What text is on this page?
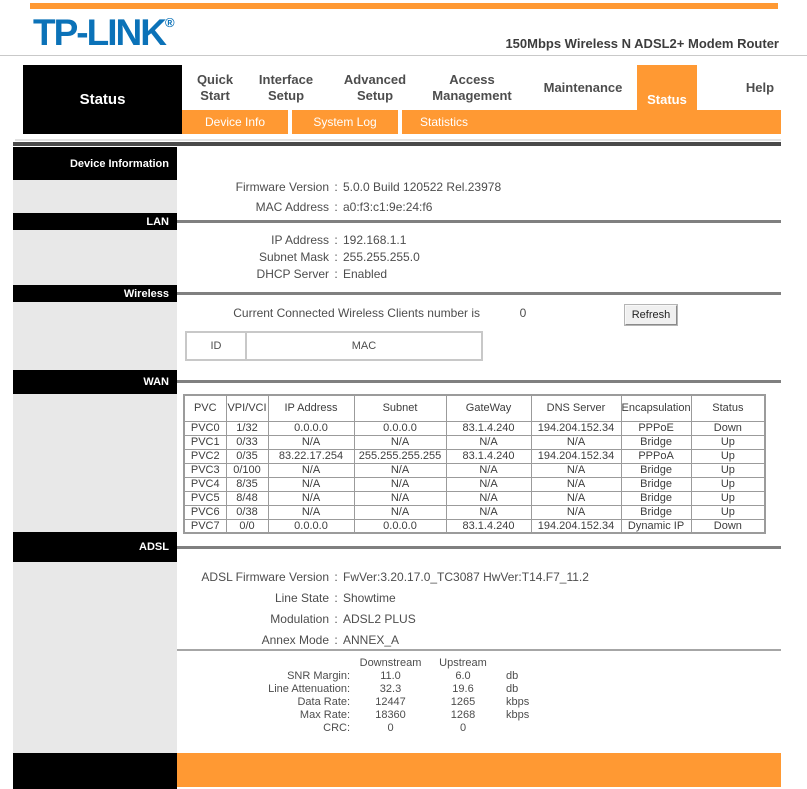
TP-LINK®
150Mbps Wireless N ADSL2+ Modem Router
Status
Quick Start
Interface Setup
Advanced Setup
Access Management
Maintenance
Status
Help
Device Info	System Log	Statistics
Device Information
LAN
Wireless
WAN
ADSL
Firmware Version : 5.0.0 Build 120522 Rel.23978
MAC Address : a0:f3:c1:9e:24:f6
IP Address : 192.168.1.1
Subnet Mask : 255.255.255.0
DHCP Server : Enabled
Current Connected Wireless Clients number is	0	Refresh
ID	MAC
PVC	VPI/VCI	IP Address	Subnet	GateWay	DNS Server	Encapsulation	Status
PVC0	1/32	0.0.0.0	0.0.0.0	83.1.4.240	194.204.152.34	PPPoE	Down
PVC1	0/33	N/A	N/A	N/A	N/A	Bridge	Up
PVC2	0/35	83.22.17.254	255.255.255.255	83.1.4.240	194.204.152.34	PPPoA	Up
PVC3	0/100	N/A	N/A	N/A	N/A	Bridge	Up
PVC4	8/35	N/A	N/A	N/A	N/A	Bridge	Up
PVC5	8/48	N/A	N/A	N/A	N/A	Bridge	Up
PVC6	0/38	N/A	N/A	N/A	N/A	Bridge	Up
PVC7	0/0	0.0.0.0	0.0.0.0	83.1.4.240	194.204.152.34	Dynamic IP	Down
ADSL Firmware Version : FwVer:3.20.17.0_TC3087 HwVer:T14.F7_11.2
Line State : Showtime
Modulation : ADSL2 PLUS
Annex Mode : ANNEX_A
Downstream	Upstream
SNR Margin :	11.0	6.0	db
Line Attenuation :	32.3	19.6	db
Data Rate :	12447	1265	kbps
Max Rate :	18360	1268	kbps
CRC :	0	0
